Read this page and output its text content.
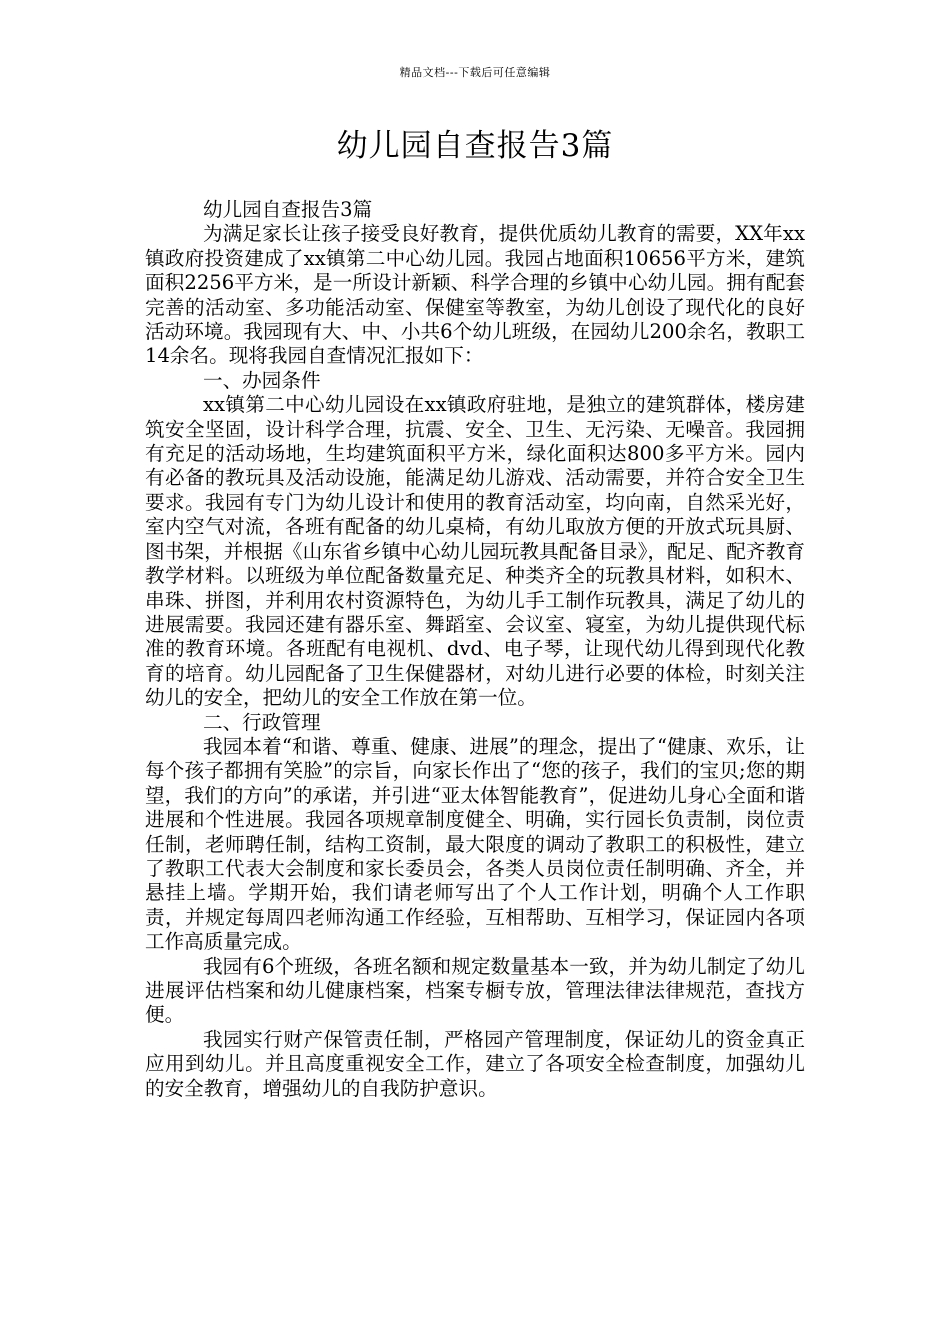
精品文档---下载后可任意编辑
幼儿园自查报告3篇

幼儿园自查报告3篇

为满足家长让孩子接受良好教育，提供优质幼儿教育的需要，XX年xx镇政府投资建成了xx镇第二中心幼儿园。我园占地面积10656平方米，建筑面积2256平方米，是一所设计新颖、科学合理的乡镇中心幼儿园。拥有配套完善的活动室、多功能活动室、保健室等教室，为幼儿创设了现代化的良好活动环境。我园现有大、中、小共6个幼儿班级，在园幼儿200余名，教职工14余名。现将我园自查情况汇报如下：

一、办园条件

xx镇第二中心幼儿园设在xx镇政府驻地，是独立的建筑群体，楼房建筑安全坚固，设计科学合理，抗震、安全、卫生、无污染、无噪音。我园拥有充足的活动场地，生均建筑面积平方米，绿化面积达800多平方米。园内有必备的教玩具及活动设施，能满足幼儿游戏、活动需要，并符合安全卫生要求。我园有专门为幼儿设计和使用的教育活动室，均向南，自然采光好，室内空气对流，各班有配备的幼儿桌椅，有幼儿取放方便的开放式玩具厨、图书架，并根据《山东省乡镇中心幼儿园玩教具配备目录》，配足、配齐教育教学材料。以班级为单位配备数量充足、种类齐全的玩教具材料，如积木、串珠、拼图，并利用农村资源特色，为幼儿手工制作玩教具，满足了幼儿的进展需要。我园还建有器乐室、舞蹈室、会议室、寝室，为幼儿提供现代标准的教育环境。各班配有电视机、dvd、电子琴，让现代幼儿得到现代化教育的培育。幼儿园配备了卫生保健器材，对幼儿进行必要的体检，时刻关注幼儿的安全，把幼儿的安全工作放在第一位。

二、行政管理

我园本着“和谐、尊重、健康、进展”的理念，提出了“健康、欢乐，让每个孩子都拥有笑脸”的宗旨，向家长作出了“您的孩子，我们的宝贝;您的期望，我们的方向”的承诺，并引进“亚太体智能教育”，促进幼儿身心全面和谐进展和个性进展。我园各项规章制度健全、明确，实行园长负责制，岗位责任制，老师聘任制，结构工资制，最大限度的调动了教职工的积极性，建立了教职工代表大会制度和家长委员会，各类人员岗位责任制明确、齐全，并悬挂上墙。学期开始，我们请老师写出了个人工作计划，明确个人工作职责，并规定每周四老师沟通工作经验，互相帮助、互相学习，保证园内各项工作高质量完成。

我园有6个班级，各班名额和规定数量基本一致，并为幼儿制定了幼儿进展评估档案和幼儿健康档案，档案专橱专放，管理法律法律规范，查找方便。

我园实行财产保管责任制，严格园产管理制度，保证幼儿的资金真正应用到幼儿。并且高度重视安全工作，建立了各项安全检查制度，加强幼儿的安全教育，增强幼儿的自我防护意识。
